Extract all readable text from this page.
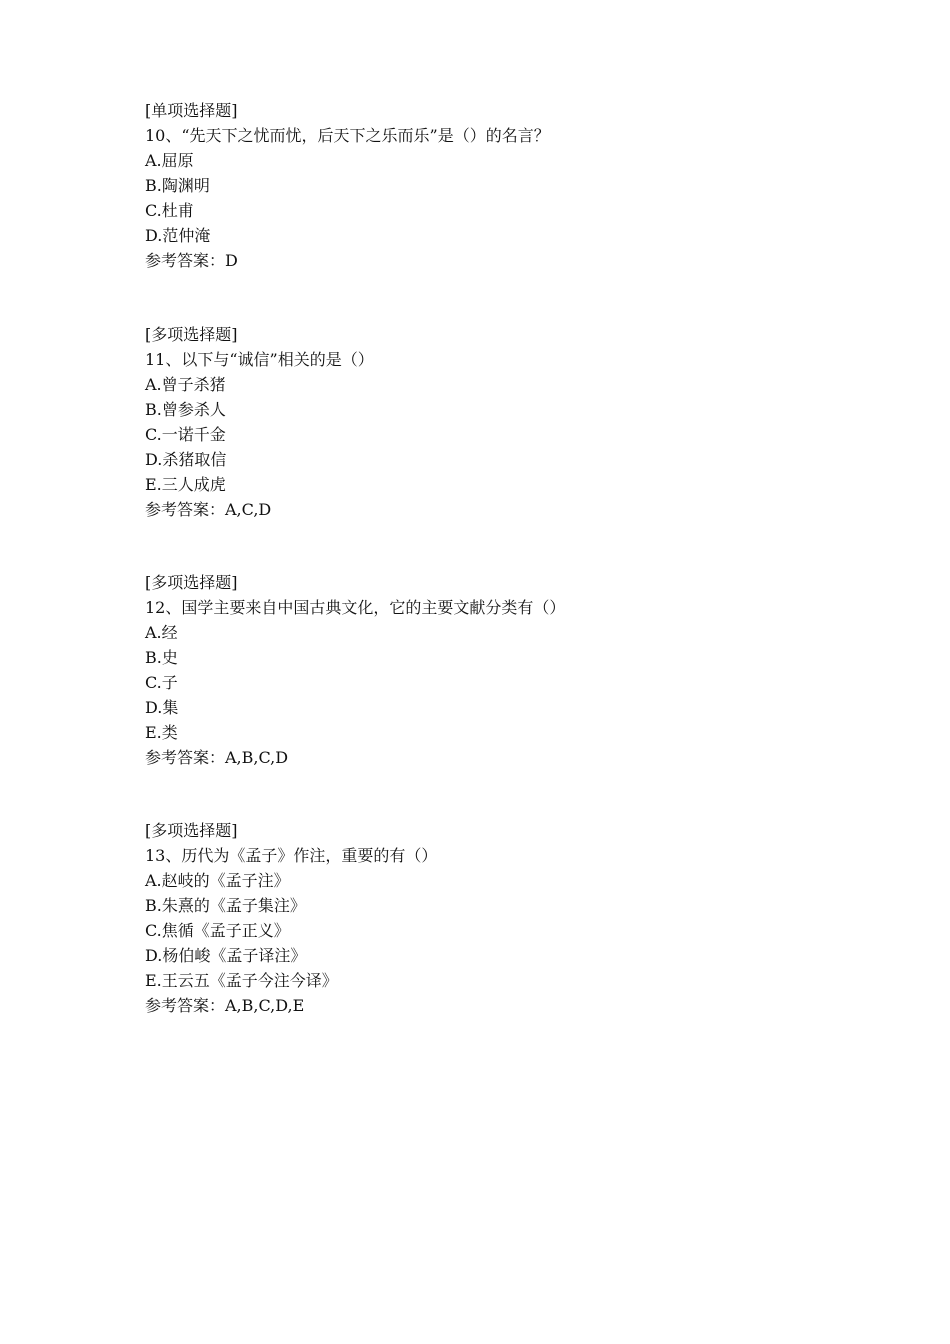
[单项选择题]
10、“先天下之忧而忧，后天下之乐而乐”是（）的名言？
A.屈原
B.陶渊明
C.杜甫
D.范仲淹
参考答案：D
[多项选择题]
11、以下与“诚信”相关的是（）
A.曾子杀猪
B.曾参杀人
C.一诺千金
D.杀猪取信
E.三人成虎
参考答案：A,C,D
[多项选择题]
12、国学主要来自中国古典文化，它的主要文献分类有（）
A.经
B.史
C.子
D.集
E.类
参考答案：A,B,C,D
[多项选择题]
13、历代为《孟子》作注，重要的有（）
A.赵岐的《孟子注》
B.朱熹的《孟子集注》
C.焦循《孟子正义》
D.杨伯峻《孟子译注》
E.王云五《孟子今注今译》
参考答案：A,B,C,D,E
